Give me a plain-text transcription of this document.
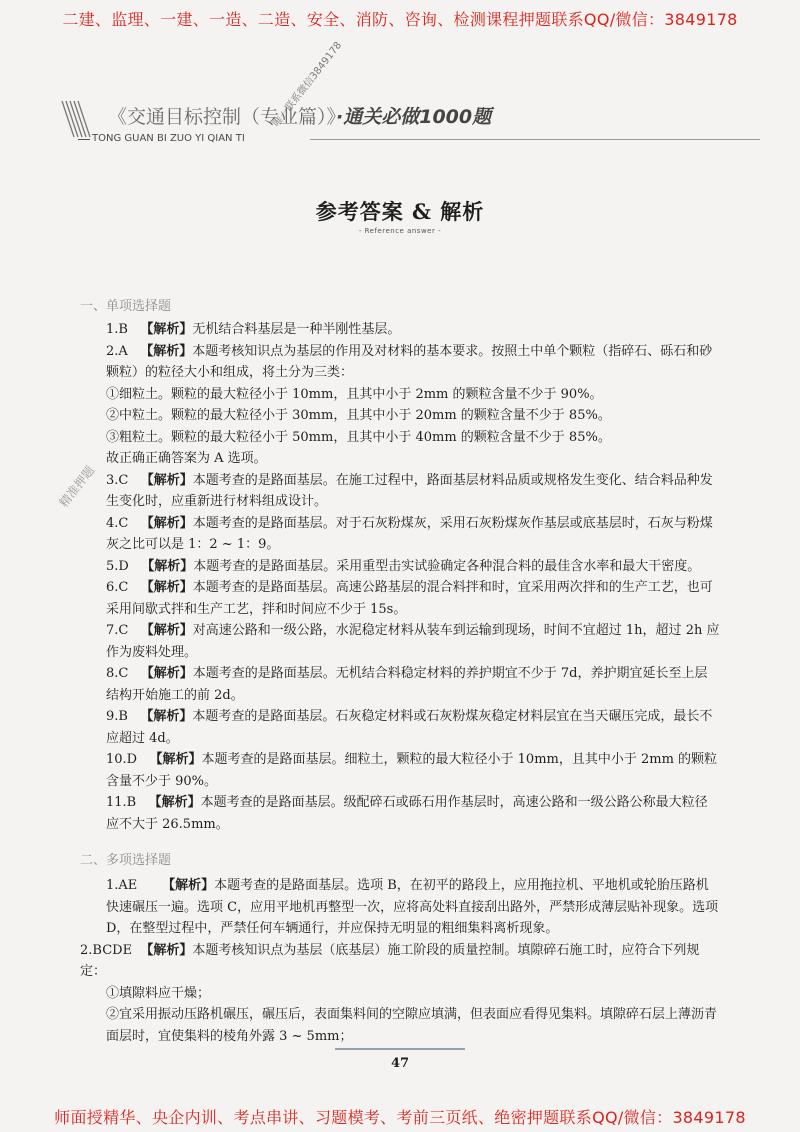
二建、监理、一建、一造、二造、安全、消防、咨询、检测课程押题联系QQ/微信：3849178
《交通目标控制（专业篇）》·通关必做1000题
TONG GUAN BI ZUO YI QIAN TI
唯一联系微信3849178
精准押题
参考答案 & 解析
- Reference answer -
一、单项选择题

1.B 【解析】无机结合料基层是一种半刚性基层。

2.A 【解析】本题考核知识点为基层的作用及对材料的基本要求。按照土中单个颗粒（指碎石、砾石和砂颗粒）的粒径大小和组成，将土分为三类：

①细粒土。颗粒的最大粒径小于 10mm，且其中小于 2mm 的颗粒含量不少于 90%。

②中粒土。颗粒的最大粒径小于 30mm，且其中小于 20mm 的颗粒含量不少于 85%。

③粗粒土。颗粒的最大粒径小于 50mm，且其中小于 40mm 的颗粒含量不少于 85%。

故正确正确答案为 A 选项。

3.C 【解析】本题考查的是路面基层。在施工过程中，路面基层材料品质或规格发生变化、结合料品种发生变化时，应重新进行材料组成设计。

4.C 【解析】本题考查的是路面基层。对于石灰粉煤灰，采用石灰粉煤灰作基层或底基层时，石灰与粉煤灰之比可以是 1：2 ~ 1：9。

5.D 【解析】本题考查的是路面基层。采用重型击实试验确定各种混合料的最佳含水率和最大干密度。

6.C 【解析】本题考查的是路面基层。高速公路基层的混合料拌和时，宜采用两次拌和的生产工艺，也可采用间歇式拌和生产工艺，拌和时间应不少于 15s。

7.C 【解析】对高速公路和一级公路，水泥稳定材料从装车到运输到现场，时间不宜超过 1h，超过 2h 应作为废料处理。

8.C 【解析】本题考查的是路面基层。无机结合料稳定材料的养护期宜不少于 7d，养护期宜延长至上层结构开始施工的前 2d。

9.B 【解析】本题考查的是路面基层。石灰稳定材料或石灰粉煤灰稳定材料层宜在当天碾压完成，最长不应超过 4d。

10.D 【解析】本题考查的是路面基层。细粒土，颗粒的最大粒径小于 10mm，且其中小于 2mm 的颗粒含量不少于 90%。

11.B 【解析】本题考查的是路面基层。级配碎石或砾石用作基层时，高速公路和一级公路公称最大粒径应不大于 26.5mm。

二、多项选择题

1.AE 【解析】本题考查的是路面基层。选项 B，在初平的路段上，应用拖拉机、平地机或轮胎压路机快速碾压一遍。选项 C，应用平地机再整型一次，应将高处料直接刮出路外，严禁形成薄层贴补现象。选项 D，在整型过程中，严禁任何车辆通行，并应保持无明显的粗细集料离析现象。

2.BCDE 【解析】本题考核知识点为基层（底基层）施工阶段的质量控制。填隙碎石施工时，应符合下列规定：

①填隙料应干燥；

②宜采用振动压路机碾压，碾压后，表面集料间的空隙应填满，但表面应看得见集料。填隙碎石层上薄沥青面层时，宜使集料的棱角外露 3 ~ 5mm；

47
师面授精华、央企内训、考点串讲、习题模考、考前三页纸、绝密押题联系QQ/微信：3849178
